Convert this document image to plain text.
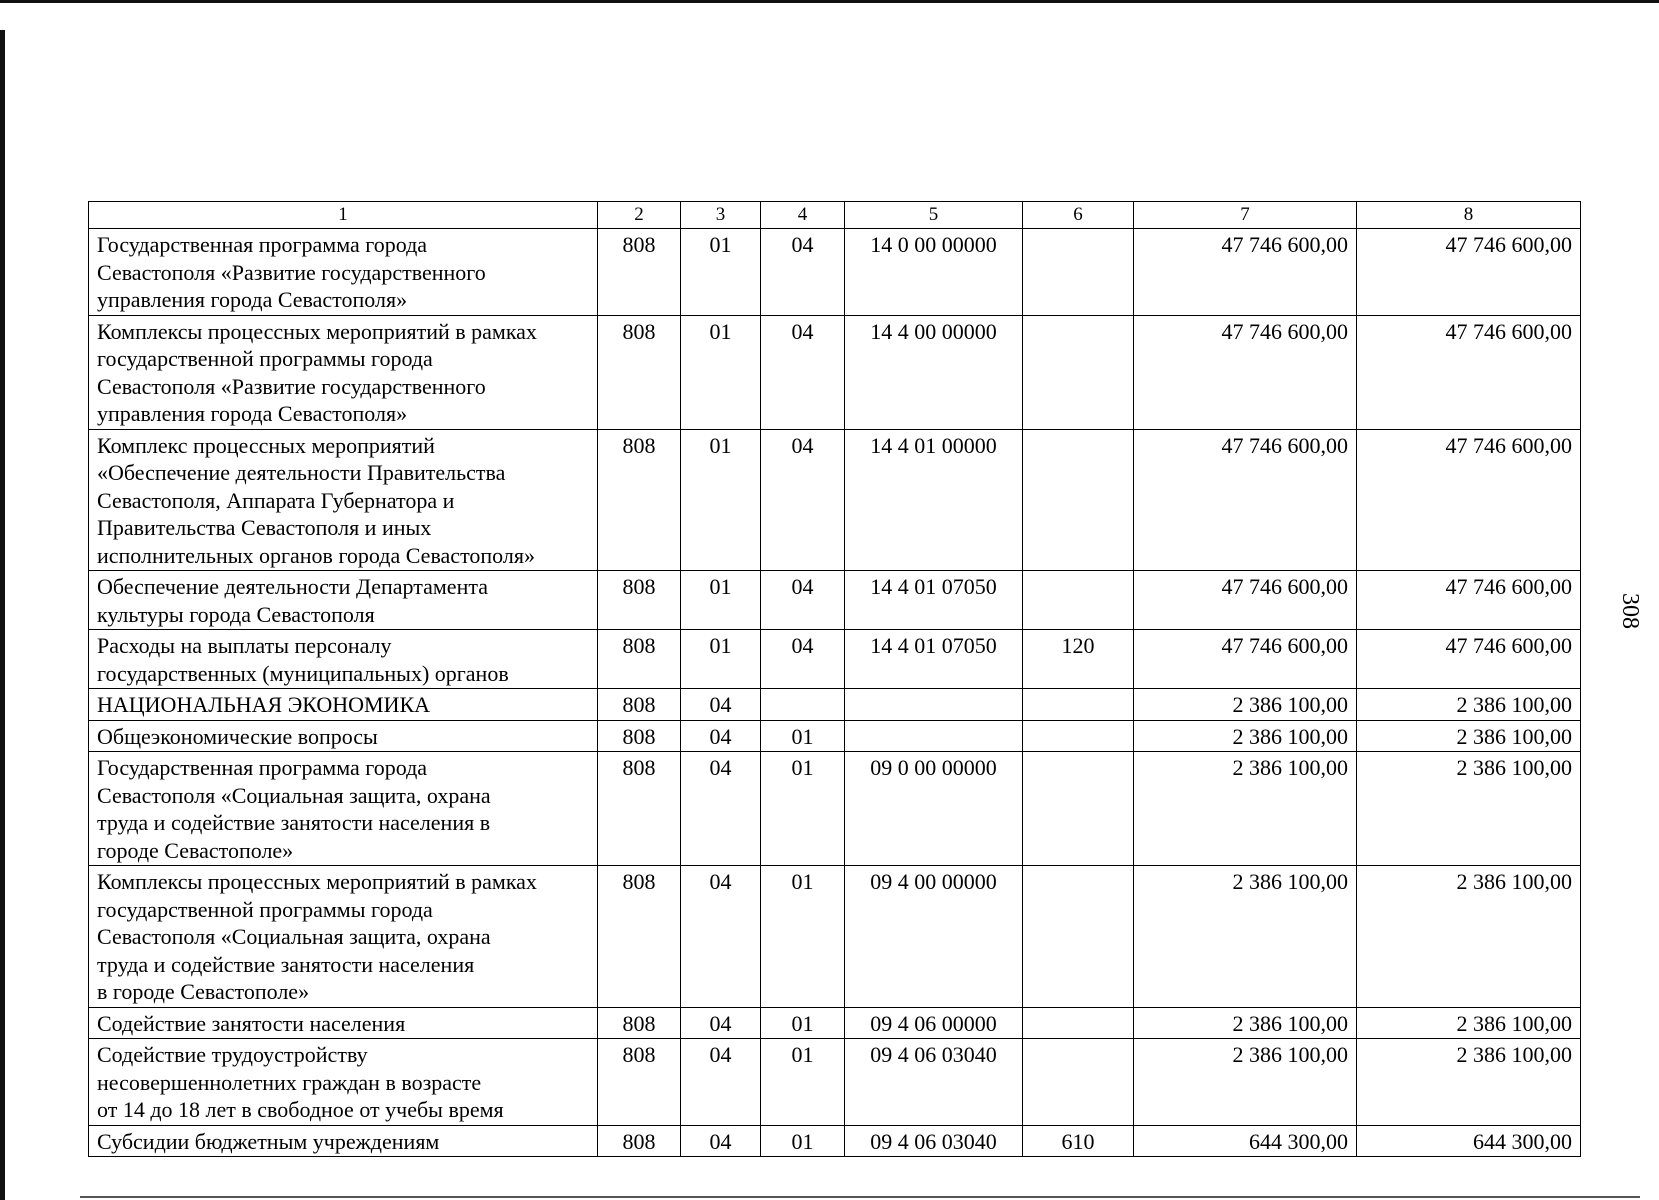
1	2	3	4	5	6	7	8
Государственная программа города
Севастополя «Развитие государственного
управления города Севастополя»	808	01	04	14 0 00 00000		47 746 600,00	47 746 600,00
Комплексы процессных мероприятий в рамках
государственной программы города
Севастополя «Развитие государственного
управления города Севастополя»	808	01	04	14 4 00 00000		47 746 600,00	47 746 600,00
Комплекс процессных мероприятий
«Обеспечение деятельности Правительства
Севастополя, Аппарата Губернатора и
Правительства Севастополя и иных
исполнительных органов города Севастополя»	808	01	04	14 4 01 00000		47 746 600,00	47 746 600,00
Обеспечение деятельности Департамента
культуры города Севастополя	808	01	04	14 4 01 07050		47 746 600,00	47 746 600,00
Расходы на выплаты персоналу
государственных (муниципальных) органов	808	01	04	14 4 01 07050	120	47 746 600,00	47 746 600,00
НАЦИОНАЛЬНАЯ ЭКОНОМИКА	808	04				2 386 100,00	2 386 100,00
Общеэкономические вопросы	808	04	01			2 386 100,00	2 386 100,00
Государственная программа города
Севастополя «Социальная защита, охрана
труда и содействие занятости населения в
городе Севастополе»	808	04	01	09 0 00 00000		2 386 100,00	2 386 100,00
Комплексы процессных мероприятий в рамках
государственной программы города
Севастополя «Социальная защита, охрана
труда и содействие занятости населения
в городе Севастополе»	808	04	01	09 4 00 00000		2 386 100,00	2 386 100,00
Содействие занятости населения	808	04	01	09 4 06 00000		2 386 100,00	2 386 100,00
Содействие трудоустройству
несовершеннолетних граждан в возрасте
от 14 до 18 лет в свободное от учебы время	808	04	01	09 4 06 03040		2 386 100,00	2 386 100,00
Субсидии бюджетным учреждениям	808	04	01	09 4 06 03040	610	644 300,00	644 300,00
308
